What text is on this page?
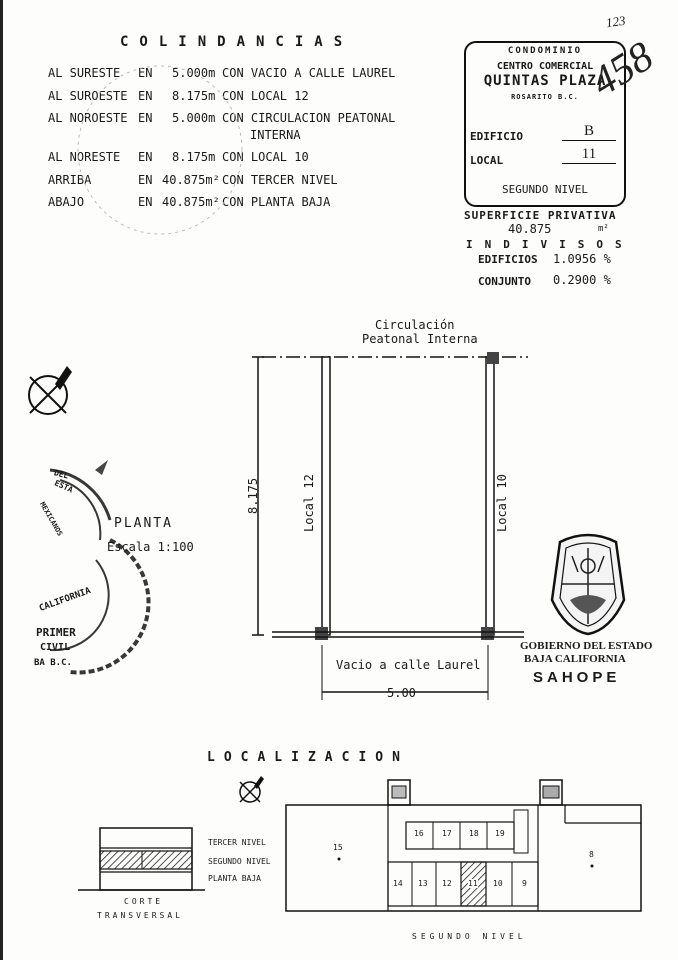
COLINDANCIAS
AL SURESTE EN 5.000m CON VACIO A CALLE LAUREL
AL SUROESTE EN 8.175m CON LOCAL 12
AL NOROESTE EN 5.000m CON CIRCULACION PEATONAL
INTERNA
AL NORESTE EN 8.175m CON LOCAL 10
ARRIBA	EN 40.875m² CON TERCER NIVEL
ABAJO	EN 40.875m² CON PLANTA BAJA
123
CONDOMINIO
CENTRO COMERCIAL
QUINTAS PLAZA
ROSARITO B.C.
EDIFICIO	B
LOCAL	11
SEGUNDO NIVEL
458
SUPERFICIE PRIVATIVA
40.875	m²
INDIVISOS
EDIFICIOS 1.0956 %
CONJUNTO 0.2900 %
Circulación
Peatonal Interna
Local 12	Local 10
8.175
Vacio a calle Laurel
5.00
PLANTA
Escala 1:100
ESTA
DEL
MEXICANOS
CALIFORNIA
PRIMER
CIVIL
BA B.C.
GOBIERNO DEL ESTADO
BAJA CALIFORNIA
SAHOPE
LOCALIZACION
TERCER NIVEL
SEGUNDO NIVEL
PLANTA BAJA
CORTE
TRANSVERSAL
SEGUNDO NIVEL
15
8
16 17 18 19
14 13 12 11 10 9
